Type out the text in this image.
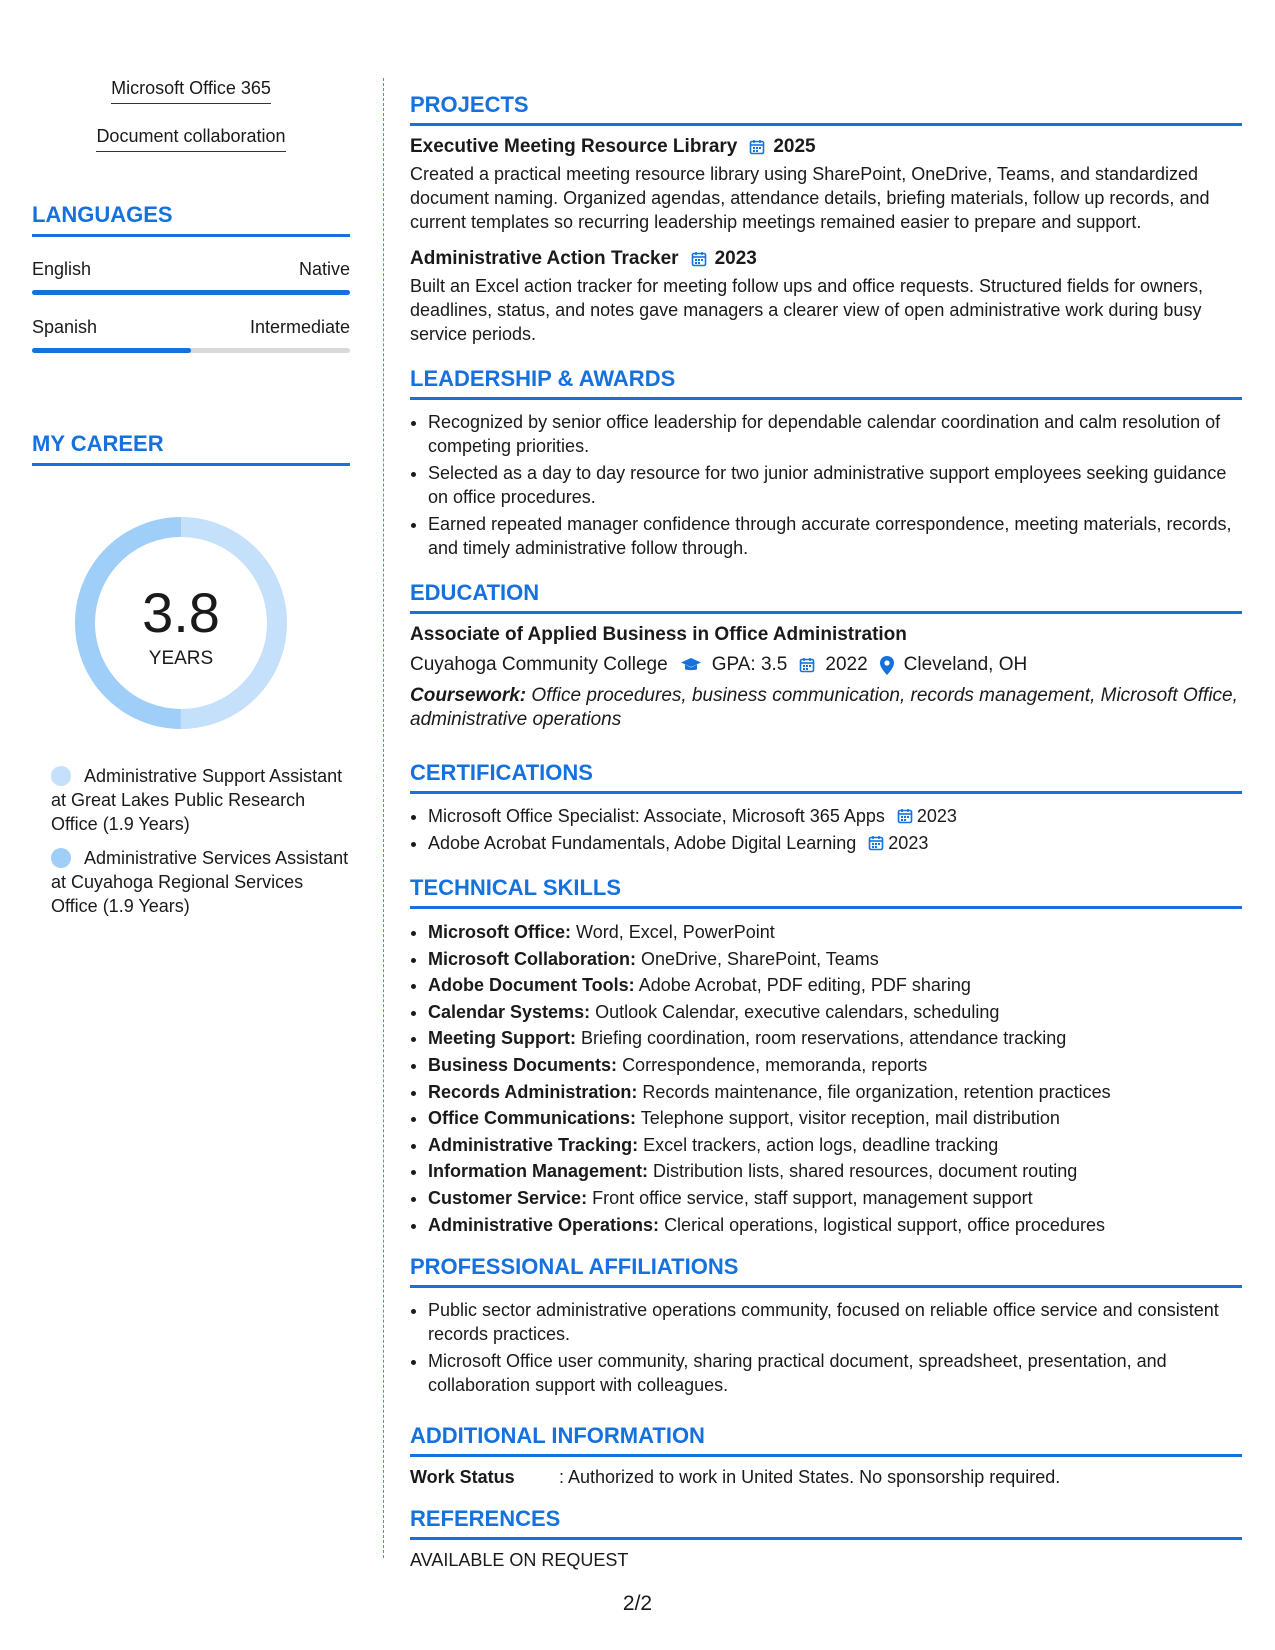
Microsoft Office 365
Document collaboration
LANGUAGES
English	Native
Spanish	Intermediate
MY CAREER
3.8
YEARS
Administrative Support Assistant at Great Lakes Public Research Office (1.9 Years)
Administrative Services Assistant at Cuyahoga Regional Services Office (1.9 Years)
PROJECTS
Executive Meeting Resource Library 2025
Created a practical meeting resource library using SharePoint, OneDrive, Teams, and standardized document naming. Organized agendas, attendance details, briefing materials, follow up records, and current templates so recurring leadership meetings remained easier to prepare and support.
Administrative Action Tracker 2023
Built an Excel action tracker for meeting follow ups and office requests. Structured fields for owners, deadlines, status, and notes gave managers a clearer view of open administrative work during busy service periods.
LEADERSHIP & AWARDS
• Recognized by senior office leadership for dependable calendar coordination and calm resolution of competing priorities.
• Selected as a day to day resource for two junior administrative support employees seeking guidance on office procedures.
• Earned repeated manager confidence through accurate correspondence, meeting materials, records, and timely administrative follow through.
EDUCATION
Associate of Applied Business in Office Administration
Cuyahoga Community College GPA: 3.5 2022 Cleveland, OH
Coursework: Office procedures, business communication, records management, Microsoft Office, administrative operations
CERTIFICATIONS
• Microsoft Office Specialist: Associate, Microsoft 365 Apps 2023
• Adobe Acrobat Fundamentals, Adobe Digital Learning 2023
TECHNICAL SKILLS
• Microsoft Office: Word, Excel, PowerPoint
• Microsoft Collaboration: OneDrive, SharePoint, Teams
• Adobe Document Tools: Adobe Acrobat, PDF editing, PDF sharing
• Calendar Systems: Outlook Calendar, executive calendars, scheduling
• Meeting Support: Briefing coordination, room reservations, attendance tracking
• Business Documents: Correspondence, memoranda, reports
• Records Administration: Records maintenance, file organization, retention practices
• Office Communications: Telephone support, visitor reception, mail distribution
• Administrative Tracking: Excel trackers, action logs, deadline tracking
• Information Management: Distribution lists, shared resources, document routing
• Customer Service: Front office service, staff support, management support
• Administrative Operations: Clerical operations, logistical support, office procedures
PROFESSIONAL AFFILIATIONS
• Public sector administrative operations community, focused on reliable office service and consistent records practices.
• Microsoft Office user community, sharing practical document, spreadsheet, presentation, and collaboration support with colleagues.
ADDITIONAL INFORMATION
Work Status	: Authorized to work in United States. No sponsorship required.
REFERENCES
AVAILABLE ON REQUEST
2/2
